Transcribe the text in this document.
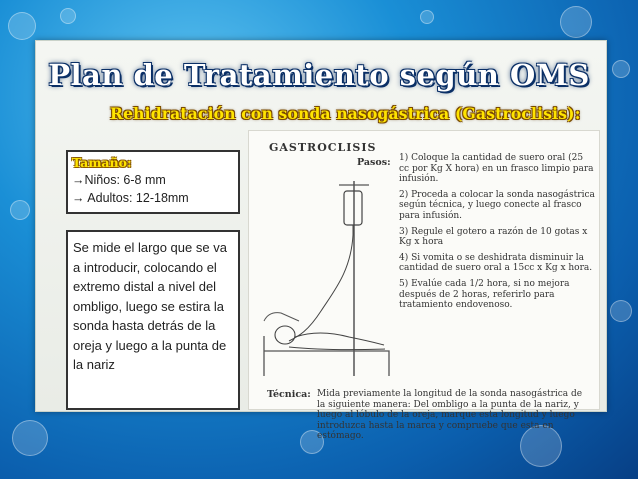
Plan de Tratamiento según OMS
Rehidratación con sonda nasogástrica (Gastroclisis):
Tamaño:
→Niños: 6-8 mm
→ Adultos: 12-18mm
Se mide el largo que se va a introducir, colocando el extremo distal a nivel del ombligo, luego se estira la sonda hasta detrás de la oreja y luego a la punta de la nariz
GASTROCLISIS
Pasos: 1) Coloque la cantidad de suero oral (25 cc por Kg X hora) en un frasco limpio para infusión.
2) Proceda a colocar la sonda nasogástrica según técnica, y luego conecte al frasco para infusión.
3) Regule el gotero a razón de 10 gotas x Kg x hora
4) Si vomita o se deshidrata disminuir la cantidad de suero oral a 15cc x Kg x hora.
5) Evalúe cada 1/2 hora, si no mejora después de 2 horas, referirlo para tratamiento endovenoso.
Técnica: Mida previamente la longitud de la sonda nasogástrica de la siguiente manera: Del ombligo a la punta de la nariz, y luego al lóbulo de la oreja, marque esta longitud y luego introduzca hasta la marca y compruebe que esta en estómago.
